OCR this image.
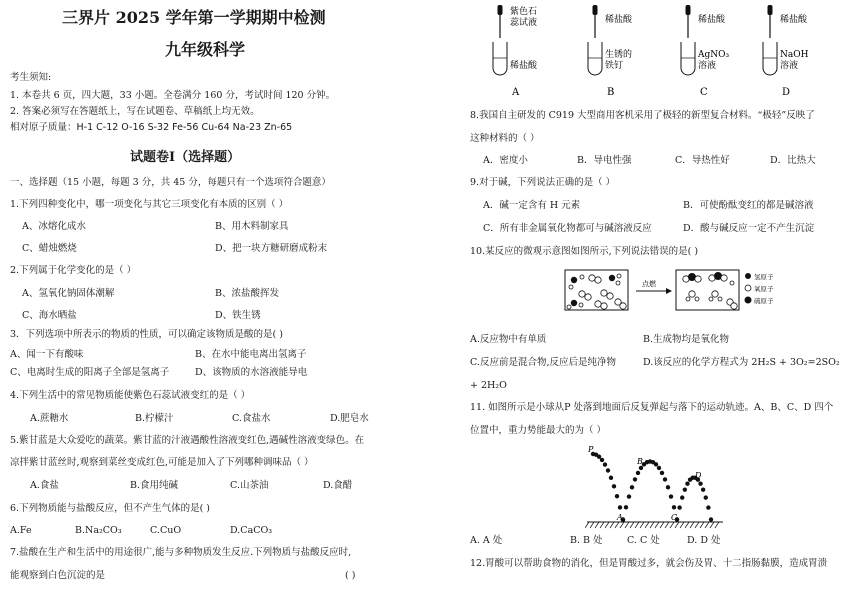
三界片 2025 学年第一学期期中检测
九年级科学
考生须知:
1. 本卷共 6 页，四大题，33 小题。全卷满分 160 分，考试时间 120 分钟。
2. 答案必须写在答题纸上，写在试题卷、草稿纸上均无效。
相对原子质量：H-1 C-12 O-16 S-32 Fe-56 Cu-64 Na-23 Zn-65
试题卷Ⅰ（选择题）
一、选择题（15 小题，每题 3 分，共 45 分，每题只有一个选项符合题意）
1.下列四种变化中，哪一项变化与其它三项变化有本质的区别（ ）
A、冰熔化成水	B、用木料制家具
C、蜡烛燃烧	D、把一块方糖研磨成粉末
2.下列属于化学变化的是（ ）
A、氢氧化钠固体潮解	B、浓盐酸挥发
C、海水晒盐	D、铁生锈
3．下列选项中所表示的物质的性质，可以确定该物质是酸的是( )
A、闻一下有酸味	B、在水中能电离出氢离子
C、电离时生成的阳离子全部是氢离子	D、该物质的水溶液能导电
4.下列生活中的常见物质能使紫色石蕊试液变红的是（ ）
A.蔗糖水	B.柠檬汁	C.食盐水	D.肥皂水
5.紫甘蓝是大众爱吃的蔬菜。紫甘蓝的汁液遇酸性溶液变红色,遇碱性溶液变绿色。在
凉拌紫甘蓝丝时,观察到菜丝变成红色,可能是加入了下列哪种调味品（ ）
A.食盐	B.食用纯碱	C.山茶油	D.食醋
6.下列物质能与盐酸反应，但不产生气体的是( )
A.Fe	B.Na₂CO₃	C.CuO	D.CaCO₃
7.盐酸在生产和生活中的用途很广,能与多种物质发生反应.下列物质与盐酸反应时,
能观察到白色沉淀的是	( )
紫色石
蕊试液
稀盐酸
A
稀盐酸
生锈的
铁钉
B
稀盐酸
AgNO₃
溶液
C
稀盐酸
NaOH
溶液
D
8.我国自主研发的 C919 大型商用客机采用了极轻的新型复合材料。“极轻”反映了
这种材料的（ ）
A．密度小	B．导电性强	C．导热性好	D．比热大
9.对于碱，下列说法正确的是（ ）
A．碱一定含有 H 元素	B．可使酚酞变红的都是碱溶液
C．所有非金属氧化物都可与碱溶液反应	D．酸与碱反应一定不产生沉淀
10.某反应的微观示意图如图所示,下列说法错误的是( )
点燃
氢原子
氧原子
硫原子
A.反应物中有单质	B.生成物均是氧化物
C.反应前是混合物,反应后是纯净物	D.该反应的化学方程式为 2H₂S + 3O₂=2SO₂
+ 2H₂O
11. 如图所示是小球从P 处落到地面后反复弹起与落下的运动轨迹。A、B、C、D 四个
位置中，重力势能最大的为（ ）
P
A
B
C
D
A. A 处	B. B 处	C. C 处	D. D 处
12.胃酸可以帮助食物的消化，但是胃酸过多，就会伤及胃、十二指肠黏膜，造成胃溃
